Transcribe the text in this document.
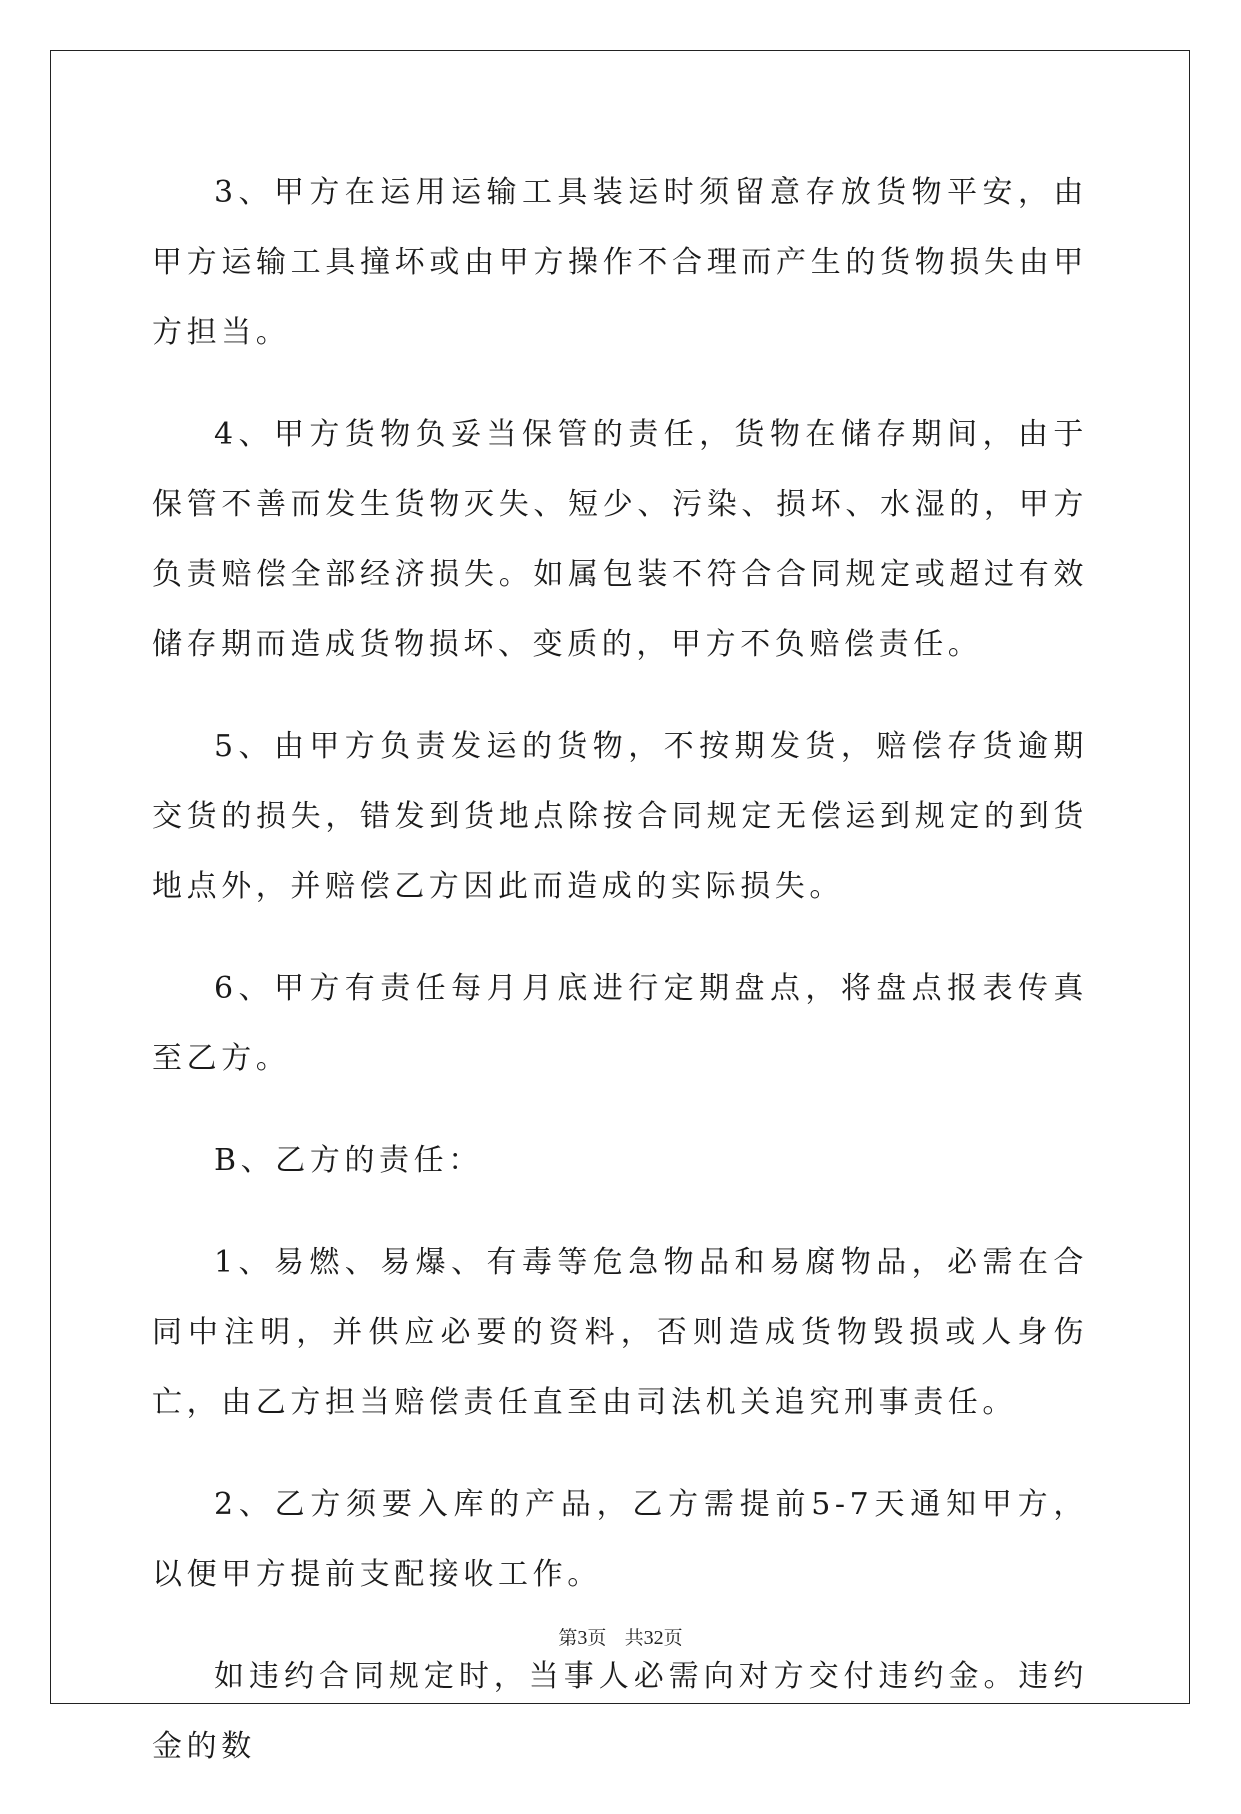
3、甲方在运用运输工具装运时须留意存放货物平安，由甲方运输工具撞坏或由甲方操作不合理而产生的货物损失由甲方担当。

4、甲方货物负妥当保管的责任，货物在储存期间，由于保管不善而发生货物灭失、短少、污染、损坏、水湿的，甲方负责赔偿全部经济损失。如属包装不符合合同规定或超过有效储存期而造成货物损坏、变质的，甲方不负赔偿责任。

5、由甲方负责发运的货物，不按期发货，赔偿存货逾期交货的损失，错发到货地点除按合同规定无偿运到规定的到货地点外，并赔偿乙方因此而造成的实际损失。

6、甲方有责任每月月底进行定期盘点，将盘点报表传真至乙方。

B、乙方的责任：

1、易燃、易爆、有毒等危急物品和易腐物品，必需在合同中注明，并供应必要的资料，否则造成货物毁损或人身伤亡，由乙方担当赔偿责任直至由司法机关追究刑事责任。

2、乙方须要入库的产品，乙方需提前5-7天通知甲方，以便甲方提前支配接收工作。

如违约合同规定时，当事人必需向对方交付违约金。违约金的数

第3页 共32页
